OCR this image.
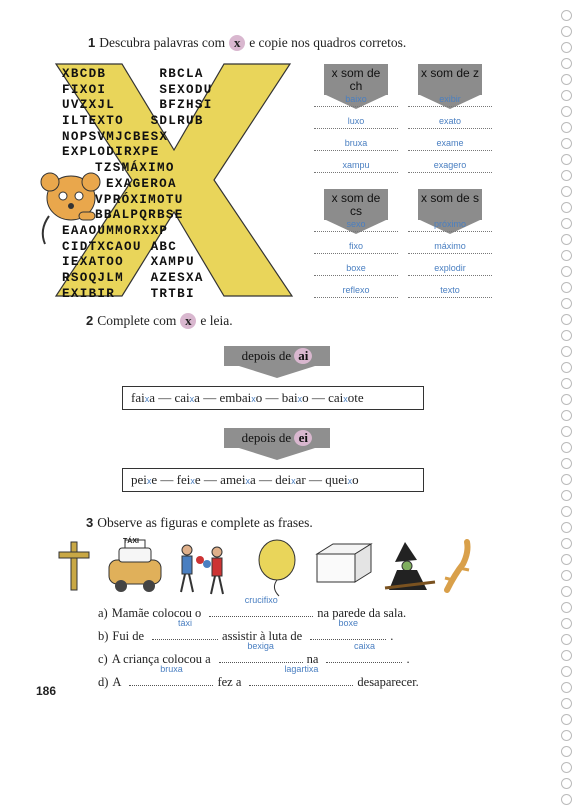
1 Descubra palavras com x e copie nos quadros corretos.
XBCDB      RBCLA
FIXOI      SEXODU
UVZXJL     BFZHSI
ILTEXTO   SDLRUB
NOPSVMJCBESX
EXPLODIRXPE
TZSMÁXIMO
EXAGEROA
VPRÓXIMOTU
BBALPQRBSE
EAAOUMMORXXP
CIDTXCAOU ABC
IEXATOO   XAMPU
RSOQJLM   AZESXA
EXIBIR    TRTBI
x som de ch
baixo
luxo
bruxa
xampu
x som de z
exibir
exato
exame
exagero
x som de cs
sexo
fixo
boxe
reflexo
x som de s
próximo
máximo
explodir
texto
2 Complete com x e leia.
depois de ai
faixa — caixa — embaixo — baixo — caixote
depois de ei
peixe — feixe — ameixa — deixar — queixo
3 Observe as figuras e complete as frases.
TÁXI
a) Mamãe colocou o
crucifixo
na parede da sala.
b) Fui de
táxi
assistir à luta de
boxe
.
c) A criança colocou a
bexiga
na
caixa
.
d) A
bruxa
fez a
lagartixa
desaparecer.
186
